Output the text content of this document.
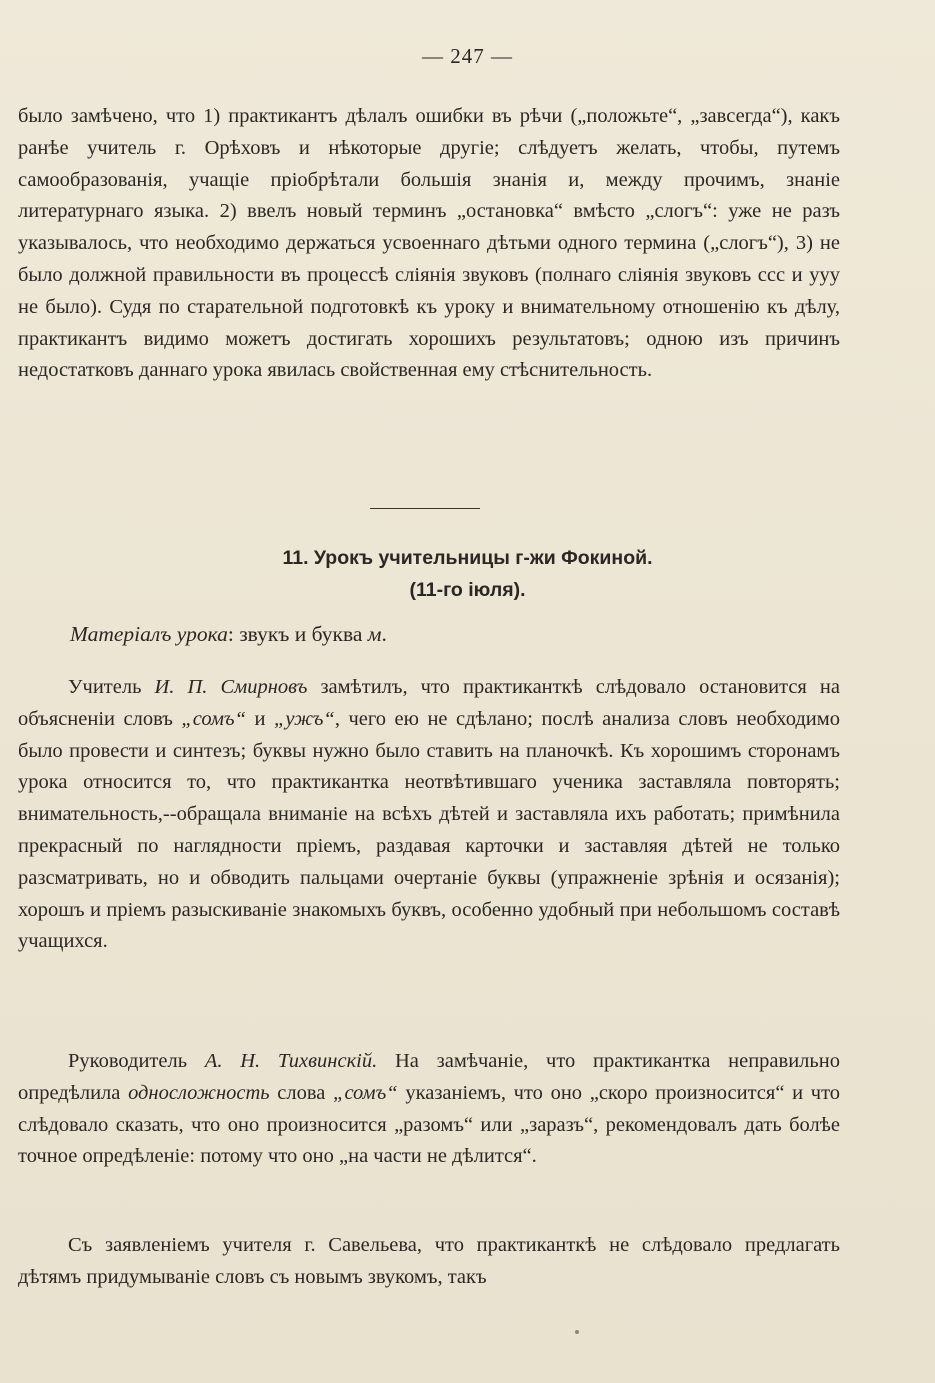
— 247 —
было замѣчено, что 1) практикантъ дѣлалъ ошибки въ рѣчи („положьте“, „завсегда“), какъ ранѣе учитель г. Орѣховъ и нѣкоторые другіе; слѣдуетъ желать, чтобы, путемъ самообразованія, учащіе пріобрѣтали большія знанія и, между прочимъ, знаніе литературнаго языка. 2) ввелъ новый терминъ „остановка“ вмѣсто „слогъ“: уже не разъ указывалось, что необходимо держаться усвоеннаго дѣтьми одного термина („слогъ“), 3) не было должной правильности въ процессѣ сліянія звуковъ (полнаго сліянія звуковъ ссс и ууу не было). Судя по старательной подготовкѣ къ уроку и внимательному отношенію къ дѣлу, практикантъ видимо можетъ достигать хорошихъ результатовъ; одною изъ причинъ недостатковъ даннаго урока явилась свойственная ему стѣснительность.
11. Урокъ учительницы г-жи Фокиной.
(11-го іюля).
Матеріалъ урока: звукъ и буква м.
Учитель И. П. Смирновъ замѣтилъ, что практиканткѣ слѣдовало остановится на объясненіи словъ „сомъ“ и „ужъ“, чего ею не сдѣлано; послѣ анализа словъ необходимо было провести и синтезъ; буквы нужно было ставить на планочкѣ. Къ хорошимъ сторонамъ урока относится то, что практикантка неотвѣтившаго ученика заставляла повторять; внимательность,--обращала вниманіе на всѣхъ дѣтей и заставляла ихъ работать; примѣнила прекрасный по наглядности пріемъ, раздавая карточки и заставляя дѣтей не только разсматривать, но и обводить пальцами очертаніе буквы (упражненіе зрѣнія и осязанія); хорошъ и пріемъ разыскиваніе знакомыхъ буквъ, особенно удобный при небольшомъ составѣ учащихся.
Руководитель А. Н. Тихвинскій. На замѣчаніе, что практикантка неправильно опредѣлила односложность слова „сомъ“ указаніемъ, что оно „скоро произносится“ и что слѣдовало сказать, что оно произносится „разомъ“ или „заразъ“, рекомендовалъ дать болѣе точное опредѣленіе: потому что оно „на части не дѣлится“.
Съ заявленіемъ учителя г. Савельева, что практиканткѣ не слѣдовало предлагать дѣтямъ придумываніе словъ съ новымъ звукомъ, такъ
